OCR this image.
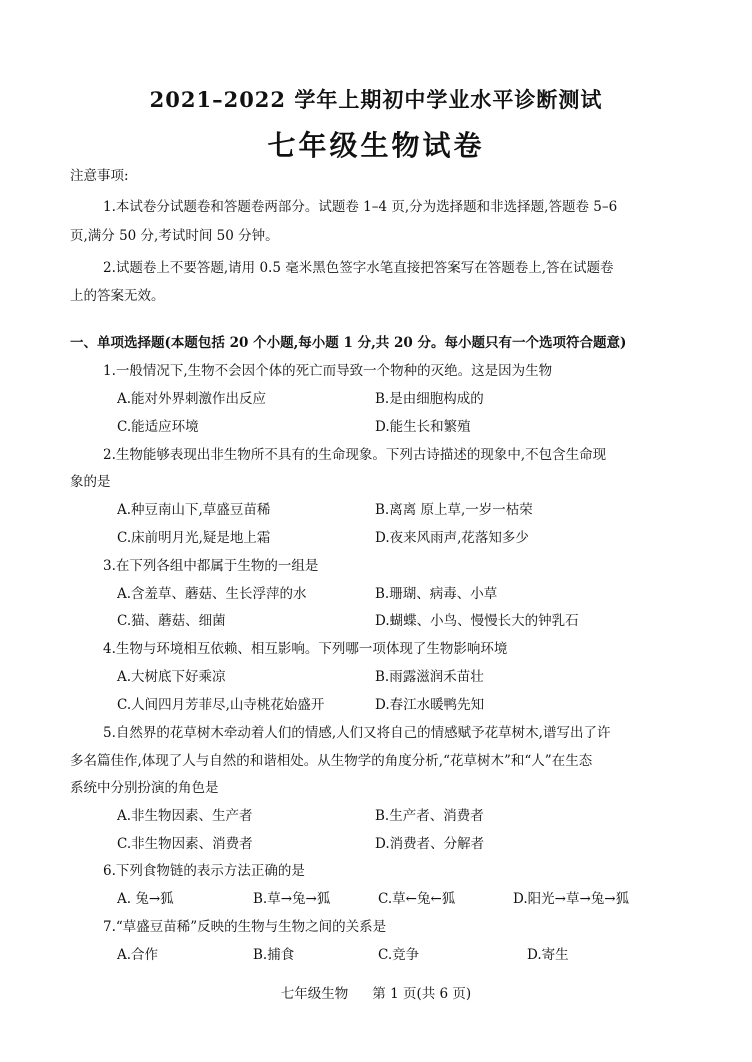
2021–2022 学年上期初中学业水平诊断测试
七年级生物试卷
注意事项:
1.本试卷分试题卷和答题卷两部分。试题卷 1–4 页,分为选择题和非选择题,答题卷 5–6
页,满分 50 分,考试时间 50 分钟。
2.试题卷上不要答题,请用 0.5 毫米黑色签字水笔直接把答案写在答题卷上,答在试题卷
上的答案无效。
一、单项选择题(本题包括 20 个小题,每小题 1 分,共 20 分。每小题只有一个选项符合题意)
1.一般情况下,生物不会因个体的死亡而导致一个物种的灭绝。这是因为生物
A.能对外界刺激作出反应	B.是由细胞构成的
C.能适应环境	D.能生长和繁殖
2.生物能够表现出非生物所不具有的生命现象。下列古诗描述的现象中,不包含生命现
象的是
A.种豆南山下,草盛豆苗稀	B.离离 原上草,一岁一枯荣
C.床前明月光,疑是地上霜	D.夜来风雨声,花落知多少
3.在下列各组中都属于生物的一组是
A.含羞草、蘑菇、生长浮萍的水	B.珊瑚、病毒、小草
C.猫、蘑菇、细菌	D.蝴蝶、小鸟、慢慢长大的钟乳石
4.生物与环境相互依赖、相互影响。下列哪一项体现了生物影响环境
A.大树底下好乘凉	B.雨露滋润禾苗壮
C.人间四月芳菲尽,山寺桃花始盛开	D.春江水暖鸭先知
5.自然界的花草树木牵动着人们的情感,人们又将自己的情感赋予花草树木,谱写出了许
多名篇佳作,体现了人与自然的和谐相处。从生物学的角度分析,“花草树木”和“人”在生态
系统中分别扮演的角色是
A.非生物因素、生产者	B.生产者、消费者
C.非生物因素、消费者	D.消费者、分解者
6.下列食物链的表示方法正确的是
A. 兔→狐	B.草→兔→狐	C.草←兔←狐	D.阳光→草→兔→狐
7.“草盛豆苗稀”反映的生物与生物之间的关系是
A.合作	B.捕食	C.竞争	D.寄生
七年级生物 第 1 页(共 6 页)
